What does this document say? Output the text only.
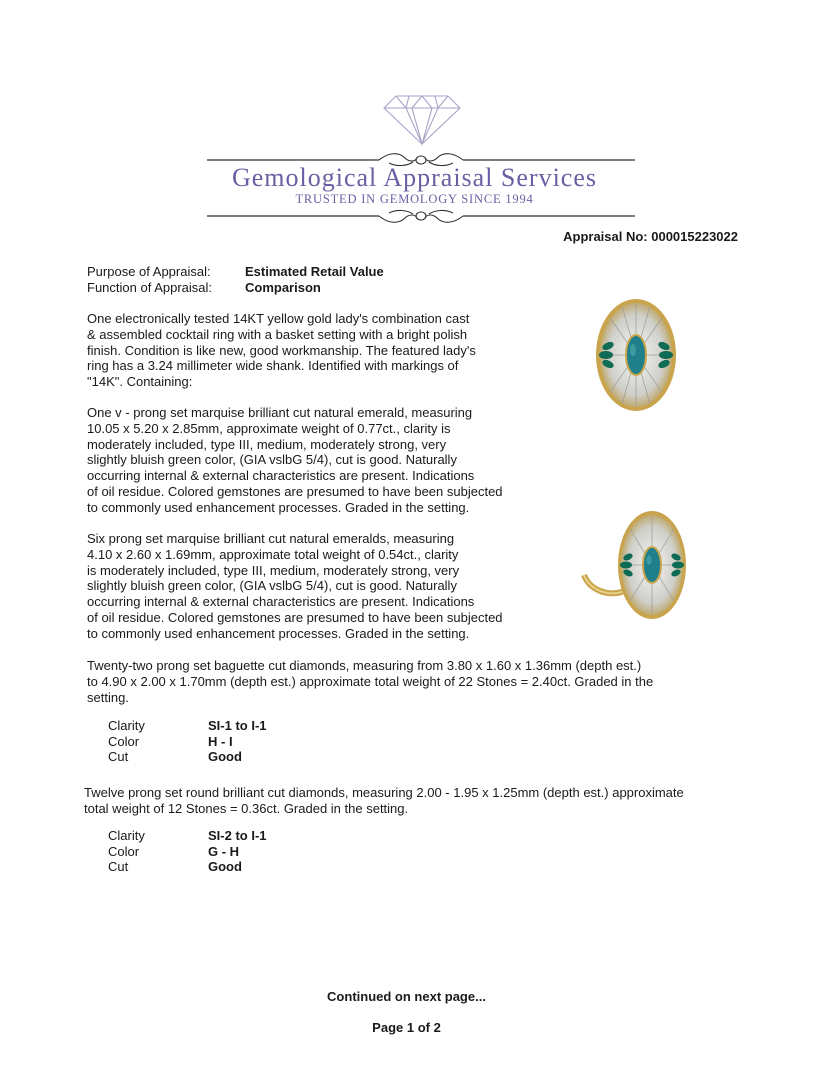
Gemological Appraisal Services
TRUSTED IN GEMOLOGY SINCE 1994
Appraisal No: 000015223022
Purpose of Appraisal:	Estimated Retail Value
Function of Appraisal:	Comparison
One electronically tested 14KT yellow gold lady's combination cast
& assembled cocktail ring with a basket setting with a bright polish
finish. Condition is like new, good workmanship. The featured lady's
ring has a 3.24 millimeter wide shank. Identified with markings of
"14K". Containing:
One v - prong set marquise brilliant cut natural emerald, measuring
10.05 x 5.20 x 2.85mm, approximate weight of 0.77ct., clarity is
moderately included, type III, medium, moderately strong, very
slightly bluish green color, (GIA vslbG 5/4), cut is good. Naturally
occurring internal & external characteristics are present. Indications
of oil residue. Colored gemstones are presumed to have been subjected
to commonly used enhancement processes. Graded in the setting.
Six prong set marquise brilliant cut natural emeralds, measuring
4.10 x 2.60 x 1.69mm, approximate total weight of 0.54ct., clarity
is moderately included, type III, medium, moderately strong, very
slightly bluish green color, (GIA vslbG 5/4), cut is good. Naturally
occurring internal & external characteristics are present. Indications
of oil residue. Colored gemstones are presumed to have been subjected
to commonly used enhancement processes. Graded in the setting.
Twenty-two prong set baguette cut diamonds, measuring from 3.80 x 1.60 x 1.36mm (depth est.)
to 4.90 x 2.00 x 1.70mm (depth est.) approximate total weight of 22 Stones = 2.40ct. Graded in the
setting.
Clarity	SI-1 to I-1
Color	H - I
Cut	Good
Twelve prong set round brilliant cut diamonds, measuring 2.00 - 1.95 x 1.25mm (depth est.) approximate
total weight of 12 Stones = 0.36ct. Graded in the setting.
Clarity	SI-2 to I-1
Color	G - H
Cut	Good
Continued on next page...
Page 1 of 2
